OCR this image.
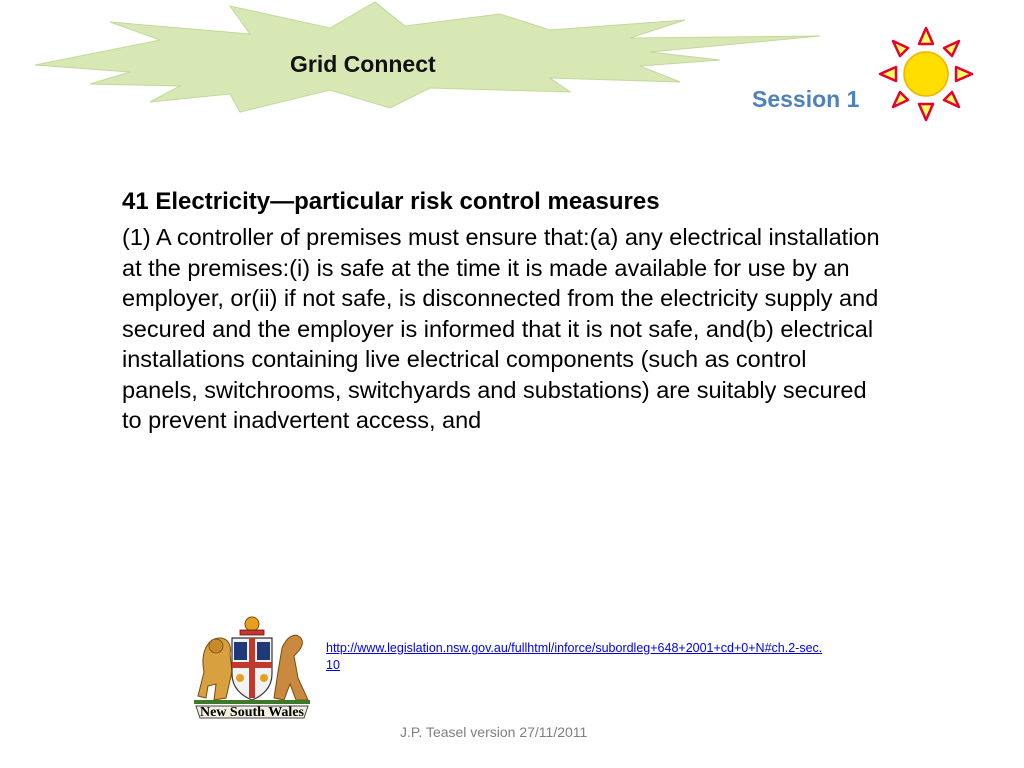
Grid Connect
Session 1
41 Electricity—particular risk control measures
(1) A controller of premises must ensure that:(a) any electrical installation at the premises:(i) is safe at the time it is made available for use by an employer, or(ii) if not safe, is disconnected from the electricity supply and secured and the employer is informed that it is not safe, and(b) electrical installations containing live electrical components (such as control panels, switchrooms, switchyards and substations) are suitably secured to prevent inadvertent access, and
New South Wales
http://www.legislation.nsw.gov.au/fullhtml/inforce/subordleg+648+2001+cd+0+N#ch.2-sec.10
J.P. Teasel version 27/11/2011
